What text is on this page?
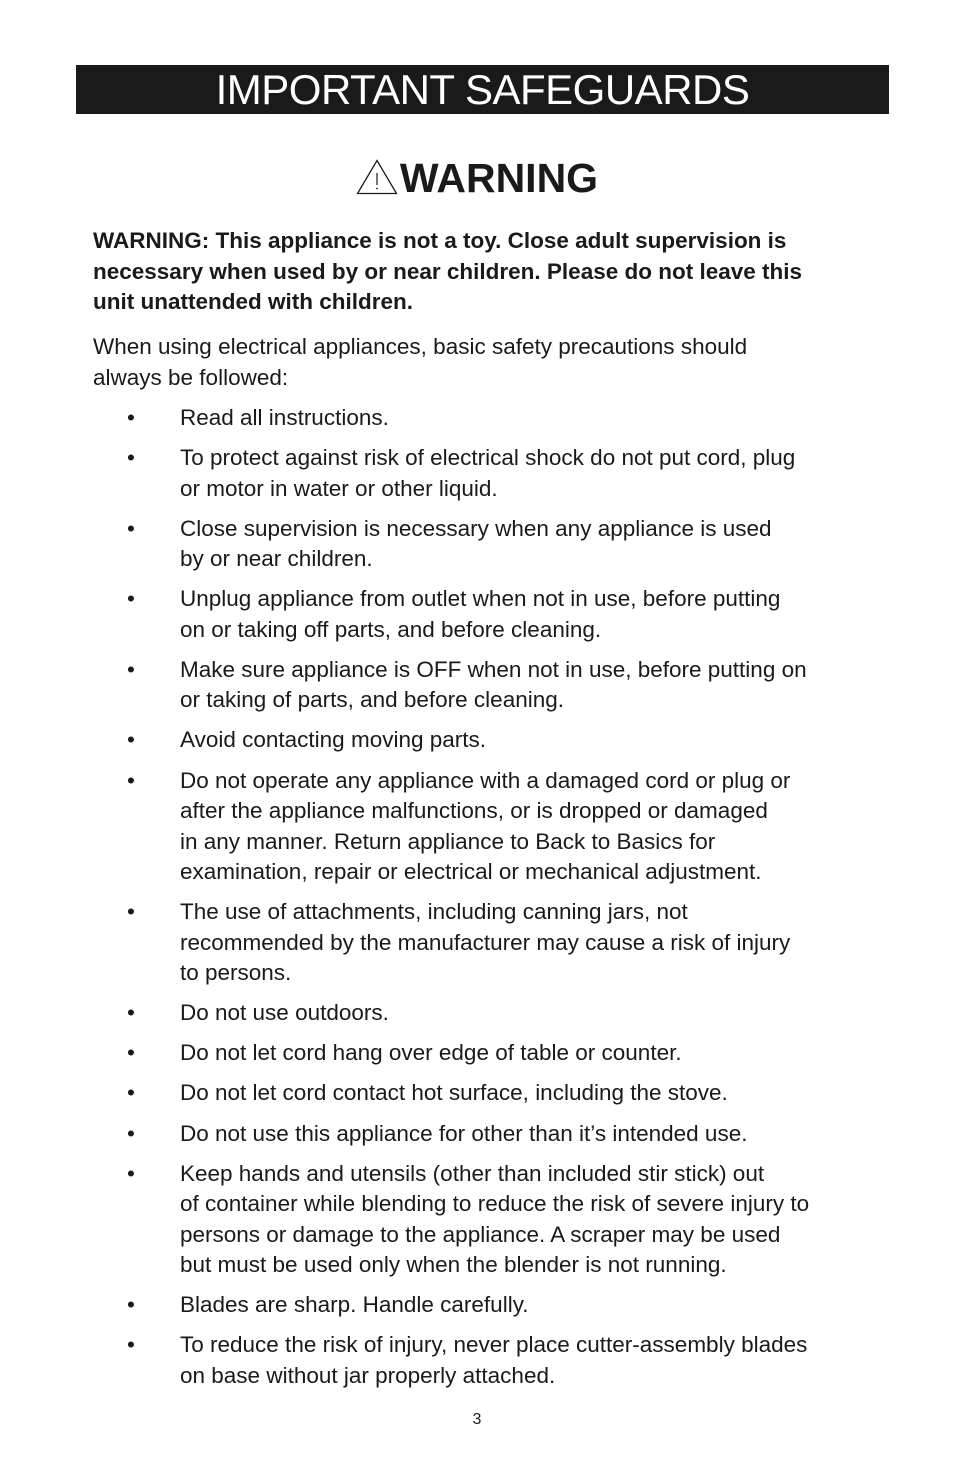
IMPORTANT SAFEGUARDS
WARNING
WARNING: This appliance is not a toy. Close adult supervision is
necessary when used by or near children. Please do not leave this
unit unattended with children.
When using electrical appliances, basic safety precautions should
always be followed:
• Read all instructions.
• To protect against risk of electrical shock do not put cord, plug
or motor in water or other liquid.
• Close supervision is necessary when any appliance is used
by or near children.
• Unplug appliance from outlet when not in use, before putting
on or taking off parts, and before cleaning.
• Make sure appliance is OFF when not in use, before putting on
or taking of parts, and before cleaning.
• Avoid contacting moving parts.
• Do not operate any appliance with a damaged cord or plug or
after the appliance malfunctions, or is dropped or damaged
in any manner. Return appliance to Back to Basics for
examination, repair or electrical or mechanical adjustment.
• The use of attachments, including canning jars, not
recommended by the manufacturer may cause a risk of injury
to persons.
• Do not use outdoors.
• Do not let cord hang over edge of table or counter.
• Do not let cord contact hot surface, including the stove.
• Do not use this appliance for other than it’s intended use.
• Keep hands and utensils (other than included stir stick) out
of container while blending to reduce the risk of severe injury to
persons or damage to the appliance. A scraper may be used
but must be used only when the blender is not running.
• Blades are sharp. Handle carefully.
• To reduce the risk of injury, never place cutter-assembly blades
on base without jar properly attached.
3
